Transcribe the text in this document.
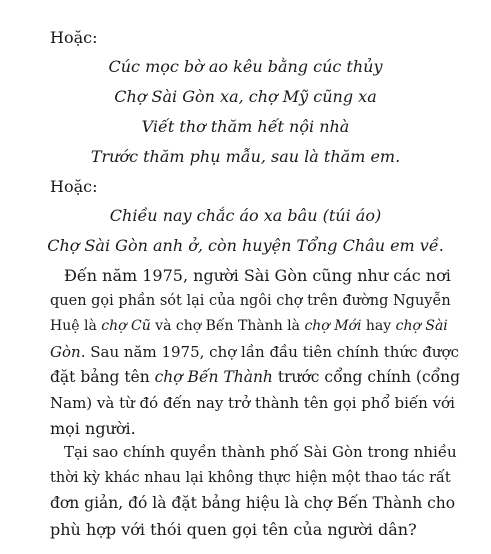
Hoặc:
Cúc mọc bờ ao kêu bằng cúc thủy
Chợ Sài Gòn xa, chợ Mỹ cũng xa
Viết thơ thăm hết nội nhà
Trước thăm phụ mẫu, sau là thăm em.
Hoặc:
Chiều nay chắc áo xa bâu (túi áo)
Chợ Sài Gòn anh ở, còn huyện Tổng Châu em về.
Đến năm 1975, người Sài Gòn cũng như các nơi
quen gọi phần sót lại của ngôi chợ trên đường Nguyễn
Huệ là chợ Cũ và chợ Bến Thành là chợ Mới hay chợ Sài
Gòn. Sau năm 1975, chợ lần đầu tiên chính thức được
đặt bảng tên chợ Bến Thành trước cổng chính (cổng
Nam) và từ đó đến nay trở thành tên gọi phổ biến với
mọi người.
Tại sao chính quyền thành phố Sài Gòn trong nhiều
thời kỳ khác nhau lại không thực hiện một thao tác rất
đơn giản, đó là đặt bảng hiệu là chợ Bến Thành cho
phù hợp với thói quen gọi tên của người dân?
